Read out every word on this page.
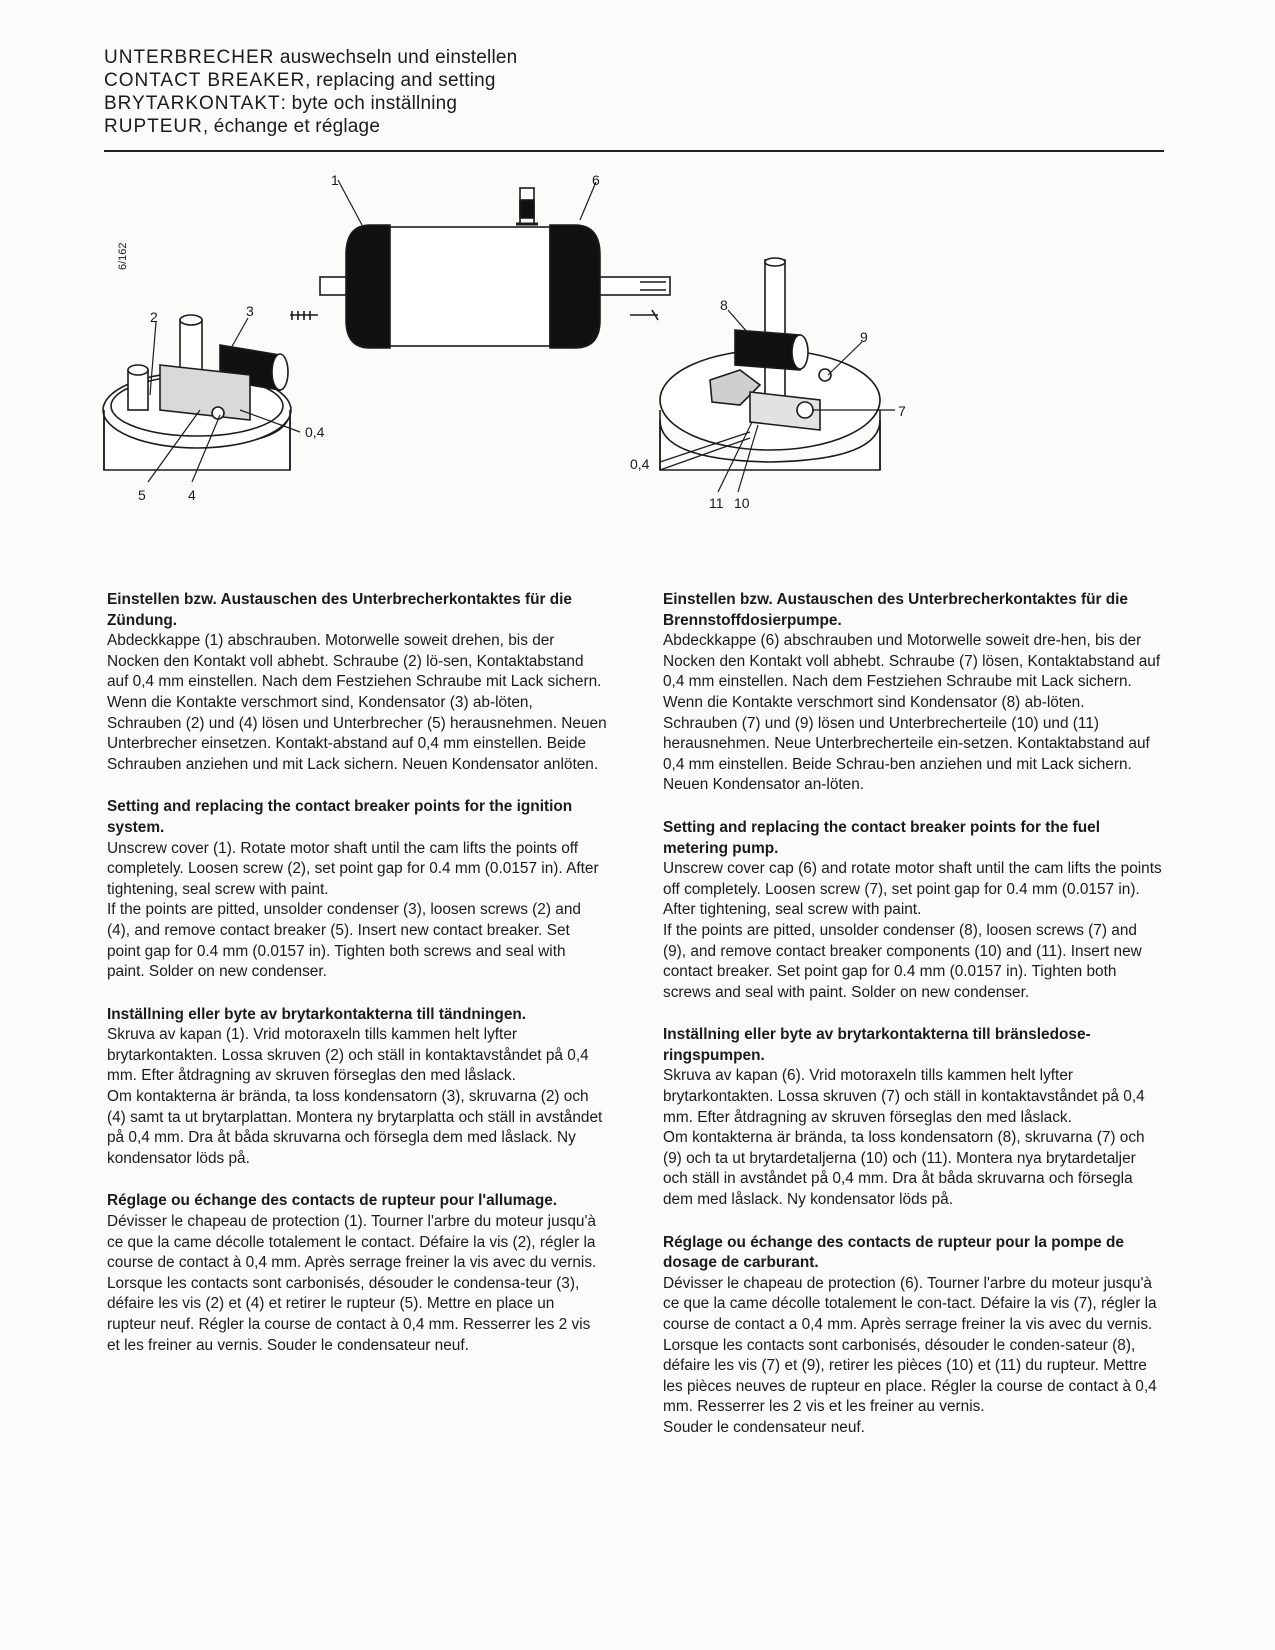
UNTERBRECHER auswechseln und einstellen
CONTACT BREAKER, replacing and setting
BRYTARKONTAKT: byte och inställning
RUPTEUR, échange et réglage
6/162
1	6
2	3
5	4
0,4
8
9
7
0,4
11 10
Einstellen bzw. Austauschen des Unterbrecherkontaktes für die Zündung.

Abdeckkappe (1) abschrauben. Motorwelle soweit drehen, bis der Nocken den Kontakt voll abhebt. Schraube (2) lö-sen, Kontaktabstand auf 0,4 mm einstellen. Nach dem Festziehen Schraube mit Lack sichern.
Wenn die Kontakte verschmort sind, Kondensator (3) ab-löten, Schrauben (2) und (4) lösen und Unterbrecher (5) herausnehmen. Neuen Unterbrecher einsetzen. Kontakt-abstand auf 0,4 mm einstellen. Beide Schrauben anziehen und mit Lack sichern. Neuen Kondensator anlöten.

Setting and replacing the contact breaker points for the ignition system.

Unscrew cover (1). Rotate motor shaft until the cam lifts the points off completely. Loosen screw (2), set point gap for 0.4 mm (0.0157 in). After tightening, seal screw with paint.
If the points are pitted, unsolder condenser (3), loosen screws (2) and (4), and remove contact breaker (5). Insert new contact breaker. Set point gap for 0.4 mm (0.0157 in). Tighten both screws and seal with paint. Solder on new condenser.

Inställning eller byte av brytarkontakterna till tändningen.

Skruva av kapan (1). Vrid motoraxeln tills kammen helt lyfter brytarkontakten. Lossa skruven (2) och ställ in kontaktavståndet på 0,4 mm. Efter åtdragning av skruven förseglas den med låslack.
Om kontakterna är brända, ta loss kondensatorn (3), skruvarna (2) och (4) samt ta ut brytarplattan. Montera ny brytarplatta och ställ in avståndet på 0,4 mm. Dra åt båda skruvarna och försegla dem med låslack. Ny kondensator löds på.

Réglage ou échange des contacts de rupteur pour l'allumage.

Dévisser le chapeau de protection (1). Tourner l'arbre du moteur jusqu'à ce que la came décolle totalement le contact. Défaire la vis (2), régler la course de contact à 0,4 mm. Après serrage freiner la vis avec du vernis.
Lorsque les contacts sont carbonisés, désouder le condensa-teur (3), défaire les vis (2) et (4) et retirer le rupteur (5). Mettre en place un rupteur neuf. Régler la course de contact à 0,4 mm. Resserrer les 2 vis et les freiner au vernis. Souder le condensateur neuf.

Einstellen bzw. Austauschen des Unterbrecherkontaktes für die Brennstoffdosierpumpe.

Abdeckkappe (6) abschrauben und Motorwelle soweit dre-hen, bis der Nocken den Kontakt voll abhebt. Schraube (7) lösen, Kontaktabstand auf 0,4 mm einstellen. Nach dem Festziehen Schraube mit Lack sichern.
Wenn die Kontakte verschmort sind Kondensator (8) ab-löten. Schrauben (7) und (9) lösen und Unterbrecherteile (10) und (11) herausnehmen. Neue Unterbrecherteile ein-setzen. Kontaktabstand auf 0,4 mm einstellen. Beide Schrau-ben anziehen und mit Lack sichern. Neuen Kondensator an-löten.

Setting and replacing the contact breaker points for the fuel metering pump.

Unscrew cover cap (6) and rotate motor shaft until the cam lifts the points off completely. Loosen screw (7), set point gap for 0.4 mm (0.0157 in). After tightening, seal screw with paint.
If the points are pitted, unsolder condenser (8), loosen screws (7) and (9), and remove contact breaker components (10) and (11). Insert new contact breaker. Set point gap for 0.4 mm (0.0157 in). Tighten both screws and seal with paint. Solder on new condenser.

Inställning eller byte av brytarkontakterna till bränsledose-ringspumpen.

Skruva av kapan (6). Vrid motoraxeln tills kammen helt lyfter brytarkontakten. Lossa skruven (7) och ställ in kontaktavståndet på 0,4 mm. Efter åtdragning av skruven förseglas den med låslack.
Om kontakterna är brända, ta loss kondensatorn (8), skruvarna (7) och (9) och ta ut brytardetaljerna (10) och (11). Montera nya brytardetaljer och ställ in avståndet på 0,4 mm. Dra åt båda skruvarna och försegla dem med låslack. Ny kondensator löds på.

Réglage ou échange des contacts de rupteur pour la pompe de dosage de carburant.

Dévisser le chapeau de protection (6). Tourner l'arbre du moteur jusqu'à ce que la came décolle totalement le con-tact. Défaire la vis (7), régler la course de contact a 0,4 mm. Après serrage freiner la vis avec du vernis.
Lorsque les contacts sont carbonisés, désouder le conden-sateur (8), défaire les vis (7) et (9), retirer les pièces (10) et (11) du rupteur. Mettre les pièces neuves de rupteur en place. Régler la course de contact à 0,4 mm. Resserrer les 2 vis et les freiner au vernis.
Souder le condensateur neuf.
